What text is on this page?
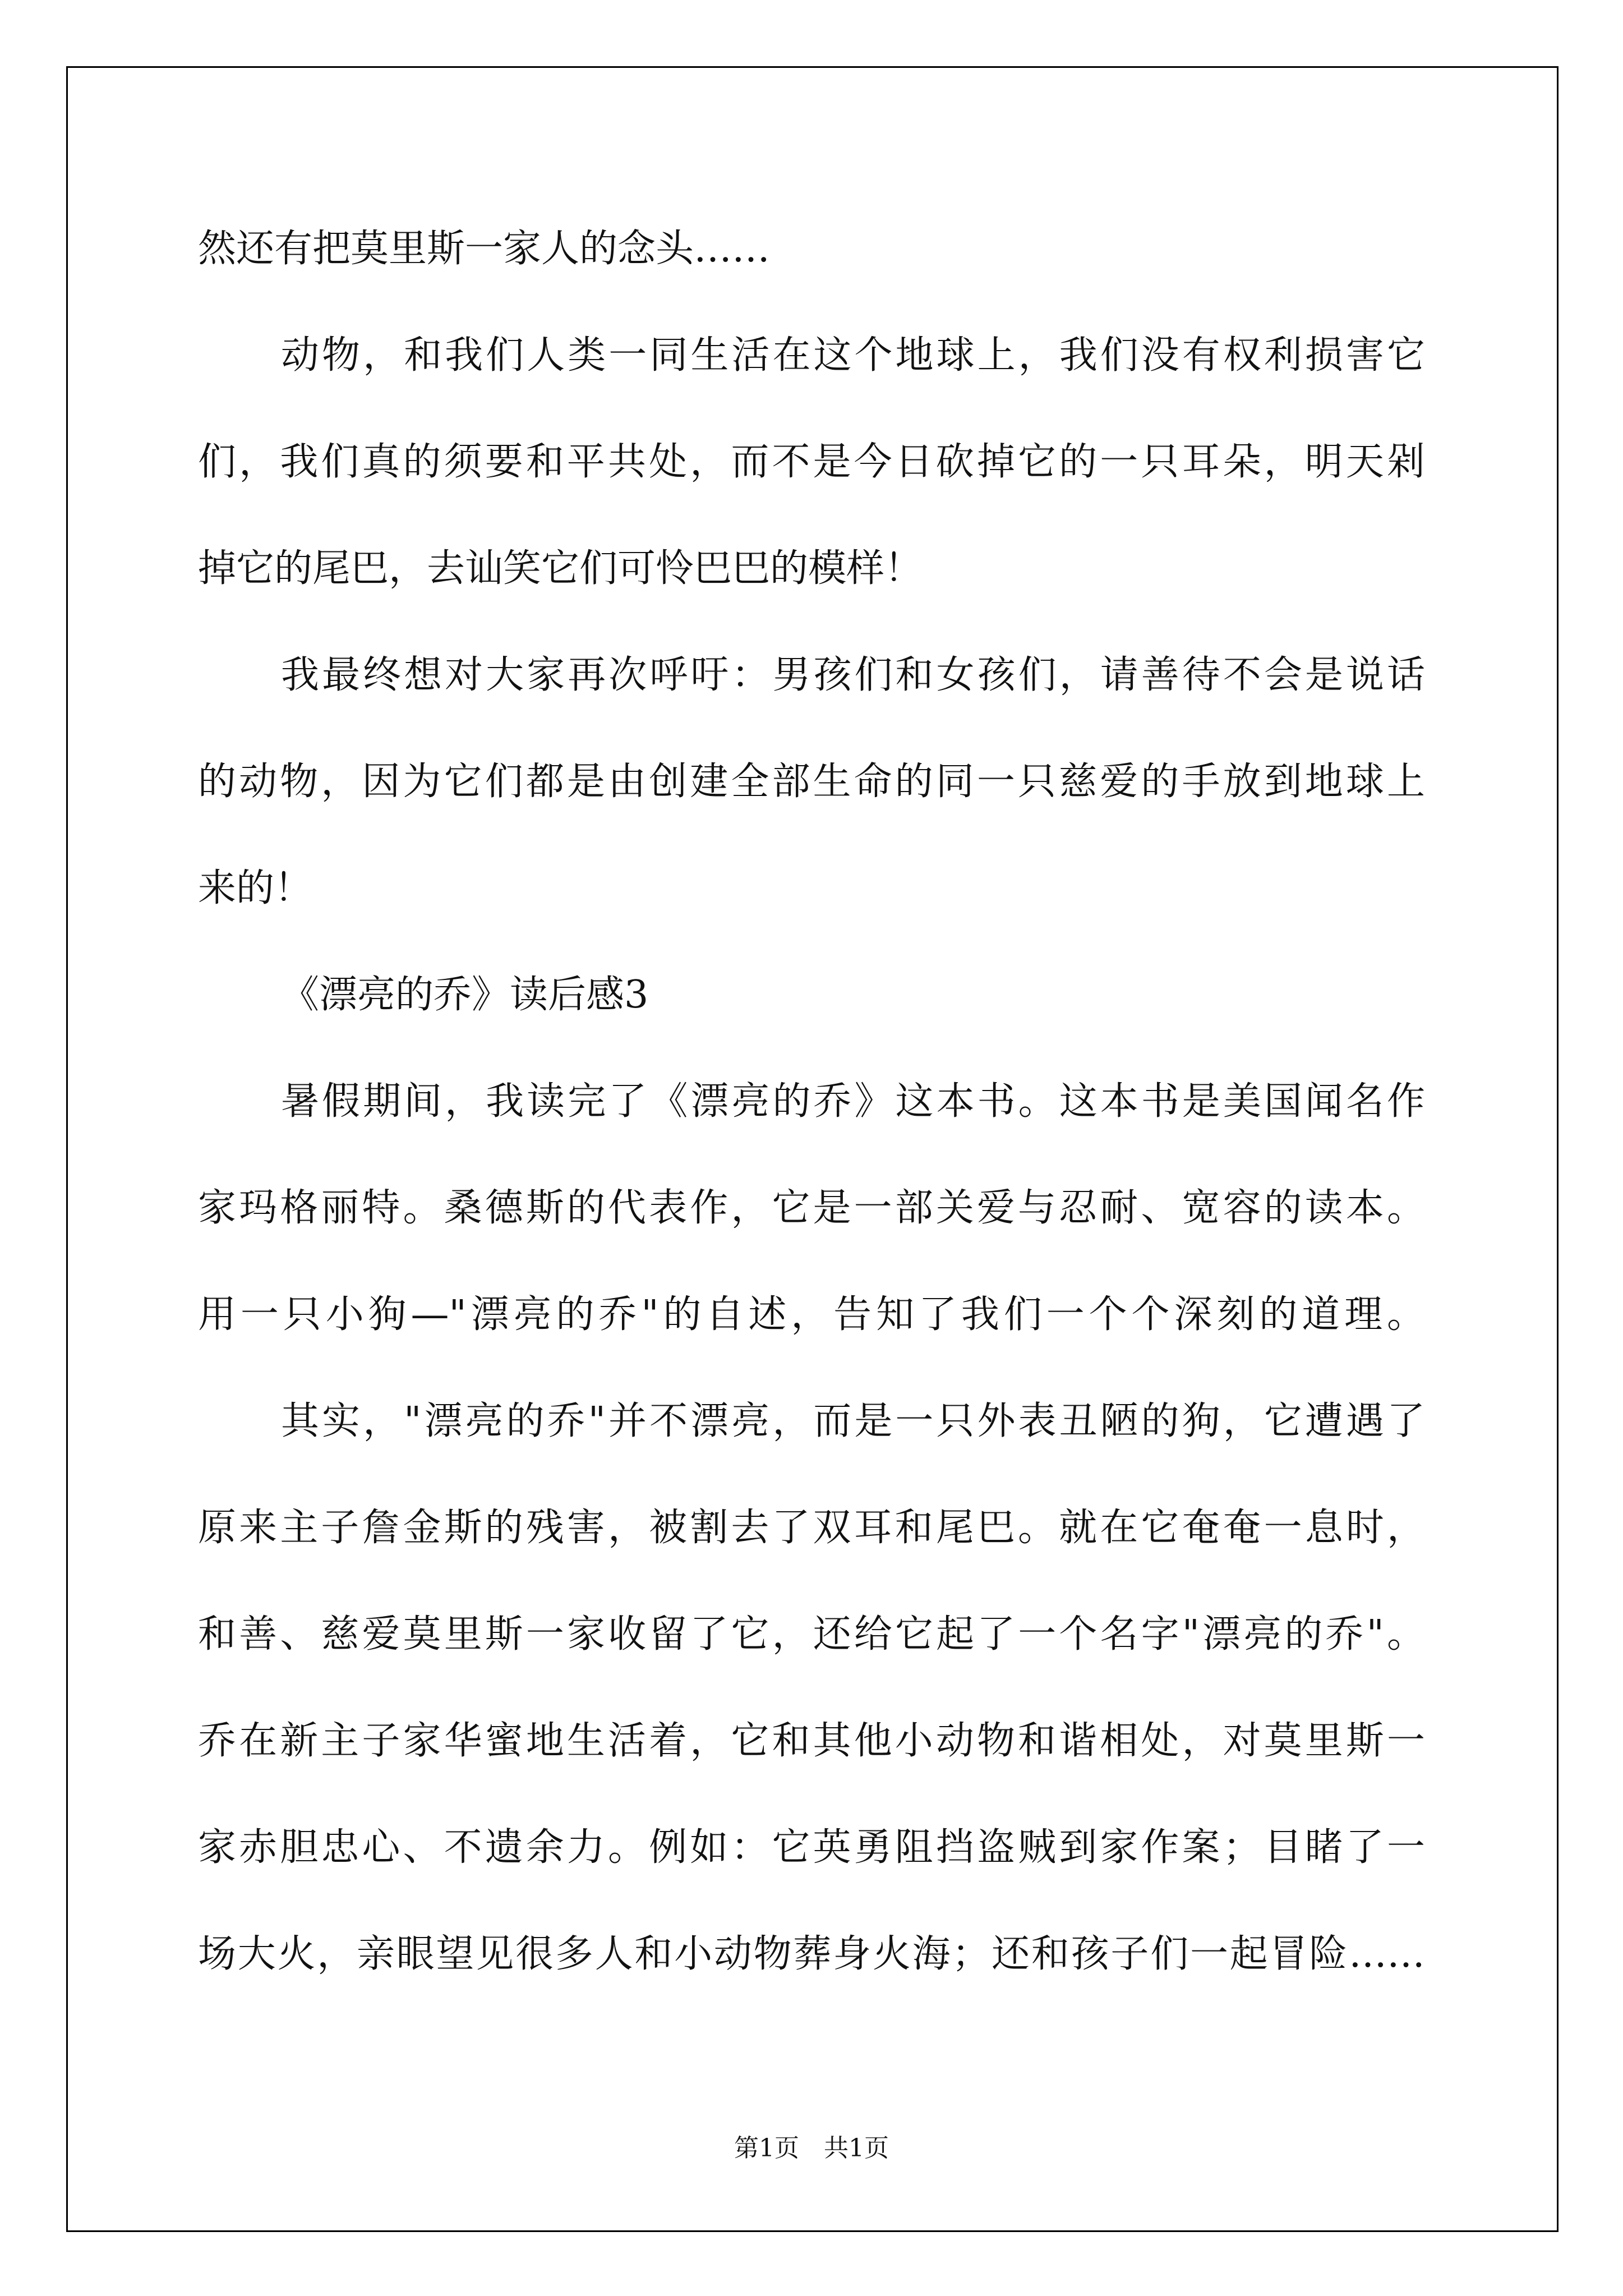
然还有把莫里斯一家人的念头……
动物，和我们人类一同生活在这个地球上，我们没有权利损害它
们，我们真的须要和平共处，而不是今日砍掉它的一只耳朵，明天剁
掉它的尾巴，去讪笑它们可怜巴巴的模样！
我最终想对大家再次呼吁：男孩们和女孩们，请善待不会是说话
的动物，因为它们都是由创建全部生命的同一只慈爱的手放到地球上
来的！
《漂亮的乔》读后感3
暑假期间，我读完了《漂亮的乔》这本书。这本书是美国闻名作
家玛格丽特。桑德斯的代表作，它是一部关爱与忍耐、宽容的读本。
用一只小狗—"漂亮的乔"的自述，告知了我们一个个深刻的道理。
其实，"漂亮的乔"并不漂亮，而是一只外表丑陋的狗，它遭遇了
原来主子詹金斯的残害，被割去了双耳和尾巴。就在它奄奄一息时，
和善、慈爱莫里斯一家收留了它，还给它起了一个名字"漂亮的乔"。
乔在新主子家华蜜地生活着，它和其他小动物和谐相处，对莫里斯一
家赤胆忠心、不遗余力。例如：它英勇阻挡盗贼到家作案；目睹了一
场大火，亲眼望见很多人和小动物葬身火海；还和孩子们一起冒险……
第1页 共1页
